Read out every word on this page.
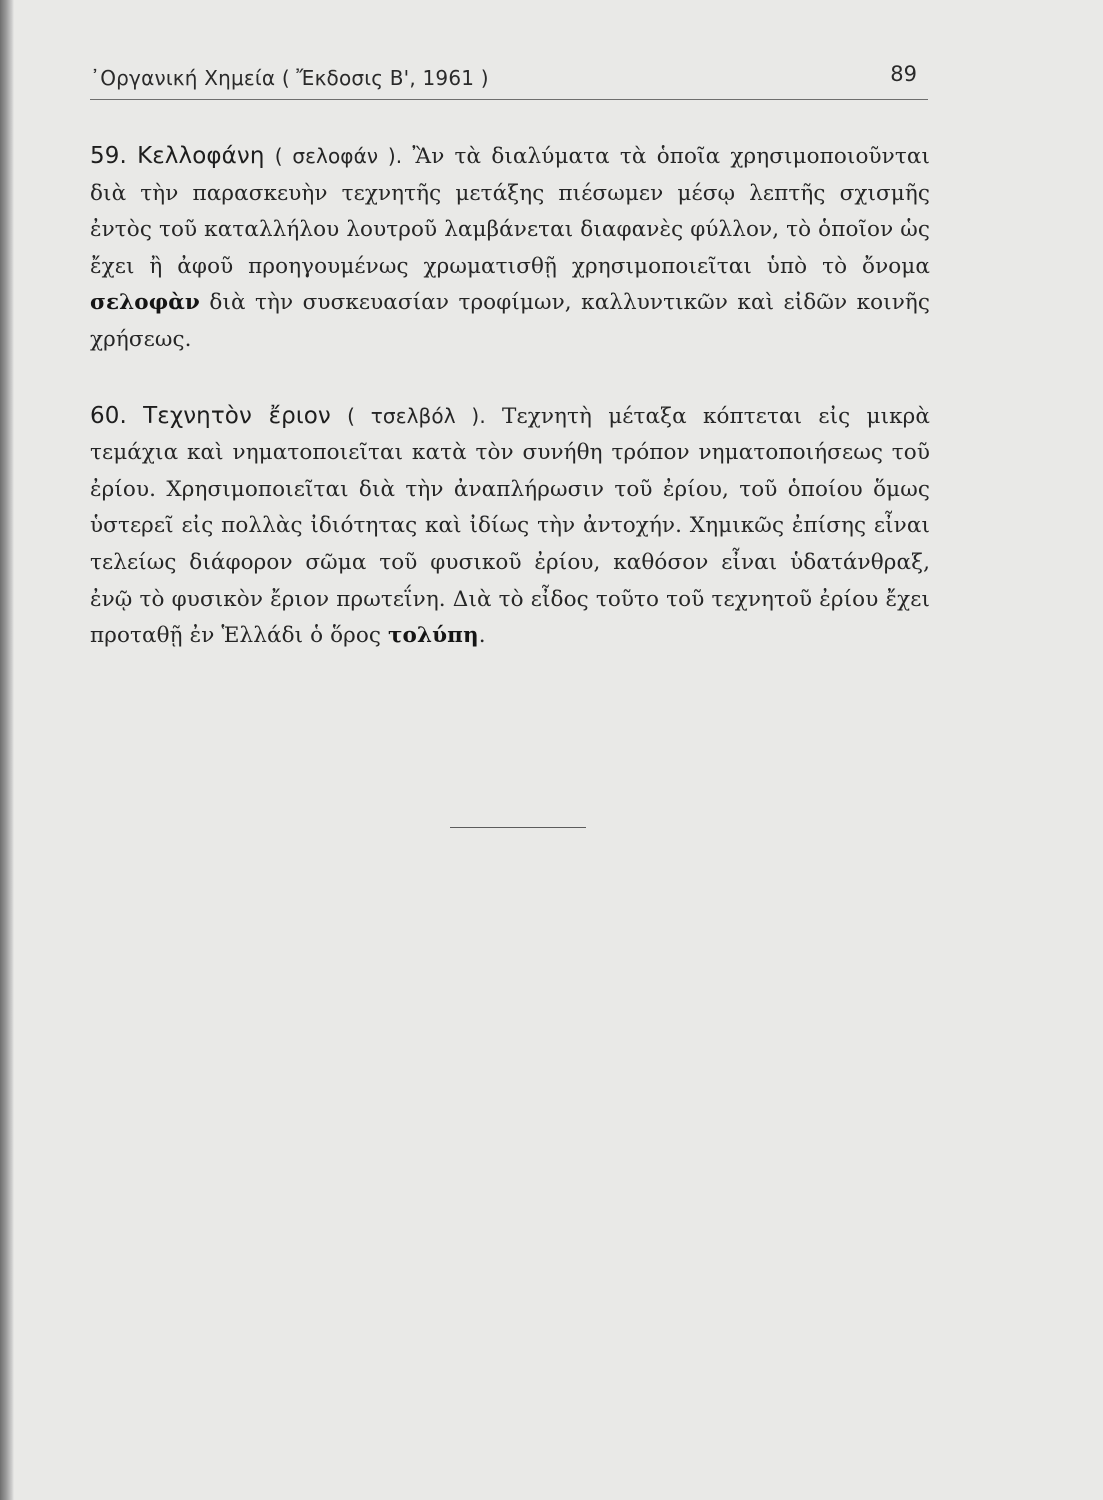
᾿Οργανική Χημεία ( Ἔκδοσις Β', 1961 )	89

59. Κελλοφάνη ( σελοφάν ). Ἂν τὰ διαλύματα τὰ ὁποῖα χρησιμοποιοῦνται διὰ τὴν παρασκευὴν τεχνητῆς μετάξης πιέσωμεν μέσῳ λεπτῆς σχισμῆς ἐντὸς τοῦ καταλλήλου λουτροῦ λαμβάνεται διαφανὲς φύλλον, τὸ ὁποῖον ὡς ἔχει ἢ ἀφοῦ προηγουμένως χρωματισθῇ χρησιμοποιεῖται ὑπὸ τὸ ὄνομα σελοφὰν διὰ τὴν συσκευασίαν τροφίμων, καλλυντικῶν καὶ εἰδῶν κοινῆς χρήσεως.

60. Τεχνητὸν ἔριον ( τσελβόλ ). Τεχνητὴ μέταξα κόπτεται εἰς μικρὰ τεμάχια καὶ νηματοποιεῖται κατὰ τὸν συνήθη τρόπον νηματοποιήσεως τοῦ ἐρίου. Χρησιμοποιεῖται διὰ τὴν ἀναπλήρωσιν τοῦ ἐρίου, τοῦ ὁποίου ὅμως ὑστερεῖ εἰς πολλὰς ἰδιότητας καὶ ἰδίως τὴν ἀντοχήν. Χημικῶς ἐπίσης εἶναι τελείως διάφορον σῶμα τοῦ φυσικοῦ ἐρίου, καθόσον εἶναι ὑδατάνθραξ, ἐνῷ τὸ φυσικὸν ἔριον πρωτεΐνη. Διὰ τὸ εἶδος τοῦτο τοῦ τεχνητοῦ ἐρίου ἔχει προταθῇ ἐν Ἑλλάδι ὁ ὅρος τολύπη.
